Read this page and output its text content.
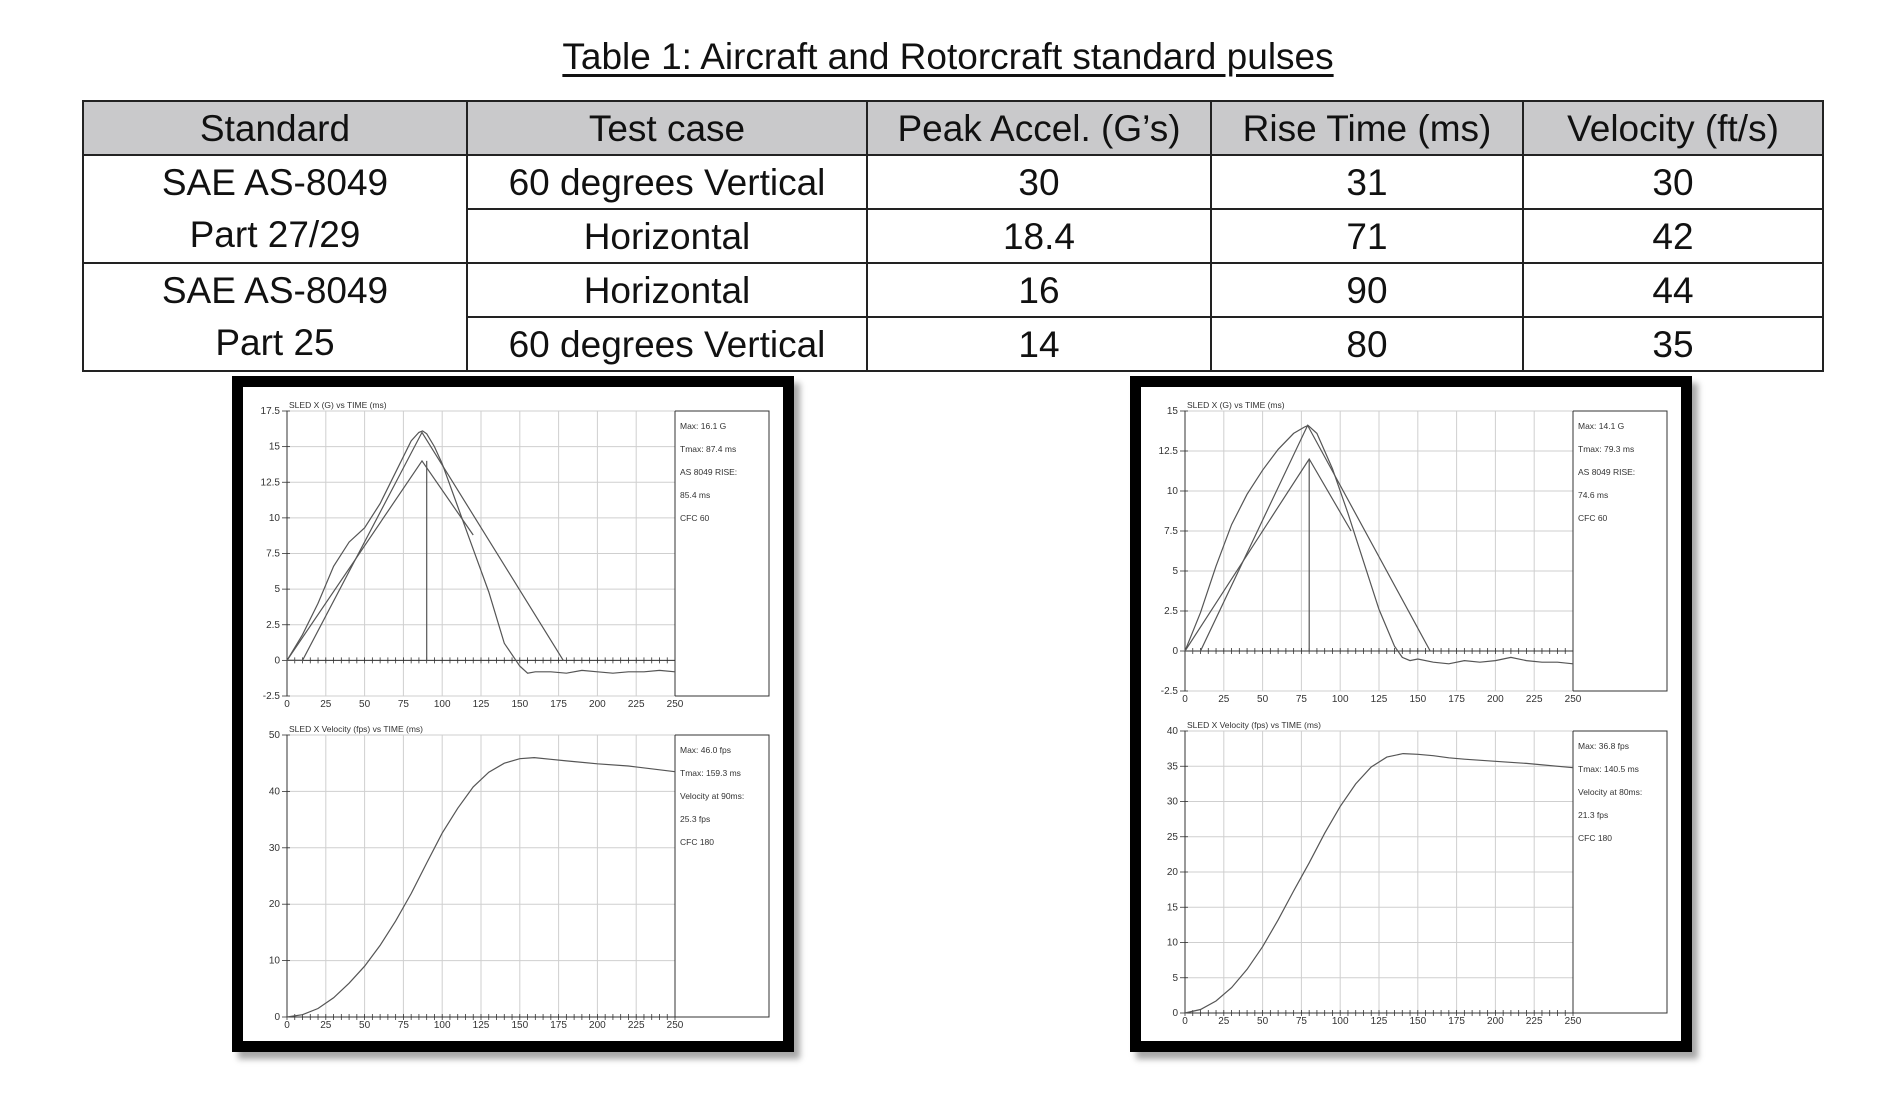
Table 1: Aircraft and Rotorcraft standard pulses
Standard	Test case	Peak Accel. (G’s)	Rise Time (ms)	Velocity (ft/s)
SAE AS-8049
Part 27/29	60 degrees Vertical	30	31	30
	Horizontal	18.4	71	42
SAE AS-8049
Part 25	Horizontal	16	90	44
	60 degrees Vertical	14	80	35
0	25	50	75 100 125 150 175 200 225 250
-2.5
0
2.5
5
7.5
10
12.5
15
17.5
SLED X (G) vs TIME (ms)
Max: 16.1 G
Tmax: 87.4 ms
AS 8049 RISE:
85.4 ms
CFC 60
0	25	50	75 100 125 150 175 200 225 250
0
10
20
30
40
50
SLED X Velocity (fps) vs TIME (ms)
Max: 46.0 fps
Tmax: 159.3 ms
Velocity at 90ms:
25.3 fps
CFC 180
0	25	50	75 100 125 150 175 200 225 250
-2.5
0
2.5
5
7.5
10
12.5
15
SLED X (G) vs TIME (ms)
Max: 14.1 G
Tmax: 79.3 ms
AS 8049 RISE:
74.6 ms
CFC 60
0	25	50	75 100 125 150 175 200 225 250
0
5
10
15
20
25
30
35
40
SLED X Velocity (fps) vs TIME (ms)
Max: 36.8 fps
Tmax: 140.5 ms
Velocity at 80ms:
21.3 fps
CFC 180
